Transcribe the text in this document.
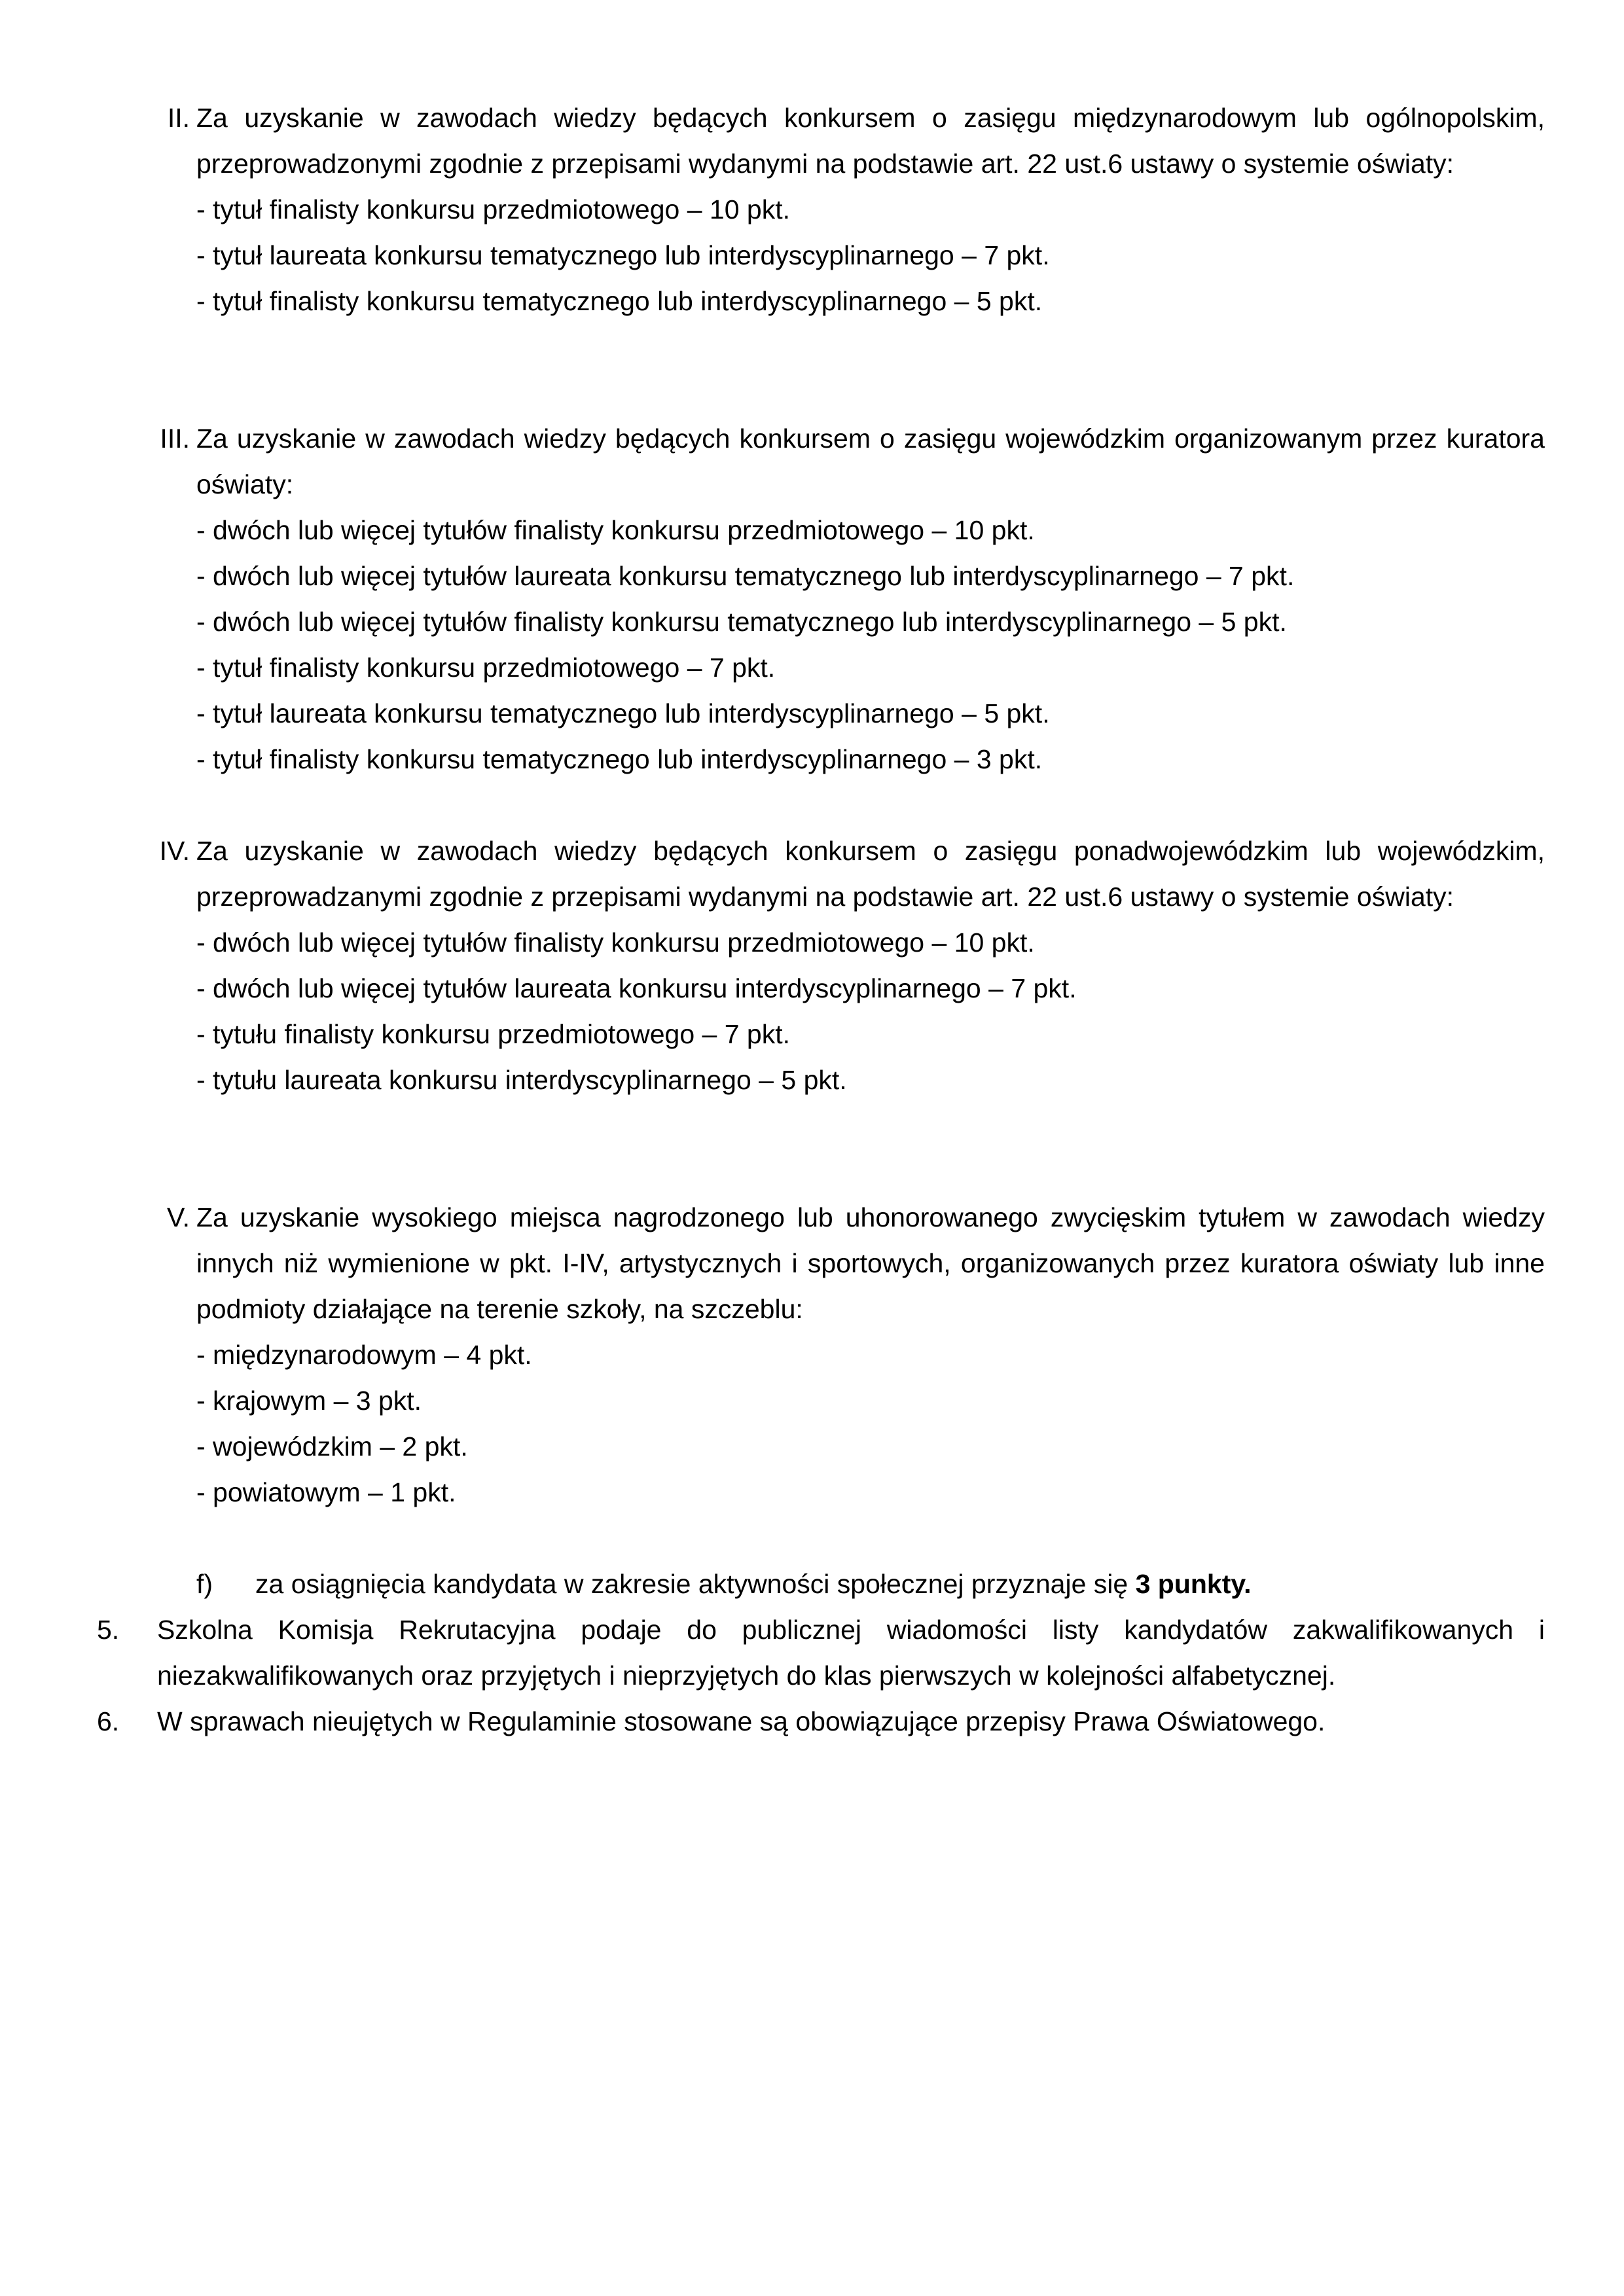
II. Za uzyskanie w zawodach wiedzy będących konkursem o zasięgu międzynarodowym lub ogólnopolskim, przeprowadzonymi zgodnie z przepisami wydanymi na podstawie art. 22 ust.6 ustawy o systemie oświaty:

- tytuł finalisty konkursu przedmiotowego – 10 pkt.

- tytuł laureata konkursu tematycznego lub interdyscyplinarnego – 7 pkt.

- tytuł finalisty konkursu tematycznego lub interdyscyplinarnego – 5 pkt.

III. Za uzyskanie w zawodach wiedzy będących konkursem o zasięgu wojewódzkim organizowanym przez kuratora oświaty:

- dwóch lub więcej tytułów finalisty konkursu przedmiotowego – 10 pkt.

- dwóch lub więcej tytułów laureata konkursu tematycznego lub interdyscyplinarnego – 7 pkt.

- dwóch lub więcej tytułów finalisty konkursu tematycznego lub interdyscyplinarnego – 5 pkt.

- tytuł finalisty konkursu przedmiotowego – 7 pkt.

- tytuł laureata konkursu tematycznego lub interdyscyplinarnego – 5 pkt.

- tytuł finalisty konkursu tematycznego lub interdyscyplinarnego – 3 pkt.

IV. Za uzyskanie w zawodach wiedzy będących konkursem o zasięgu ponadwojewódzkim lub wojewódzkim, przeprowadzanymi zgodnie z przepisami wydanymi na podstawie art. 22 ust.6 ustawy o systemie oświaty:

- dwóch lub więcej tytułów finalisty konkursu przedmiotowego – 10 pkt.

- dwóch lub więcej tytułów laureata konkursu interdyscyplinarnego – 7 pkt.

- tytułu finalisty konkursu przedmiotowego – 7 pkt.

- tytułu laureata konkursu interdyscyplinarnego – 5 pkt.

V. Za uzyskanie wysokiego miejsca nagrodzonego lub uhonorowanego zwycięskim tytułem w zawodach wiedzy innych niż wymienione w pkt. I-IV, artystycznych i sportowych, organizowanych przez kuratora oświaty lub inne podmioty działające na terenie szkoły, na szczeblu:

- międzynarodowym – 4 pkt.

- krajowym – 3 pkt.

- wojewódzkim – 2 pkt.

- powiatowym – 1 pkt.

f) za osiągnięcia kandydata w zakresie aktywności społecznej przyznaje się 3 punkty.
5.	Szkolna Komisja Rekrutacyjna podaje do publicznej wiadomości listy kandydatów zakwalifikowanych i niezakwalifikowanych oraz przyjętych i nieprzyjętych do klas pierwszych w kolejności alfabetycznej.
6.	W sprawach nieujętych w Regulaminie stosowane są obowiązujące przepisy Prawa Oświatowego.
